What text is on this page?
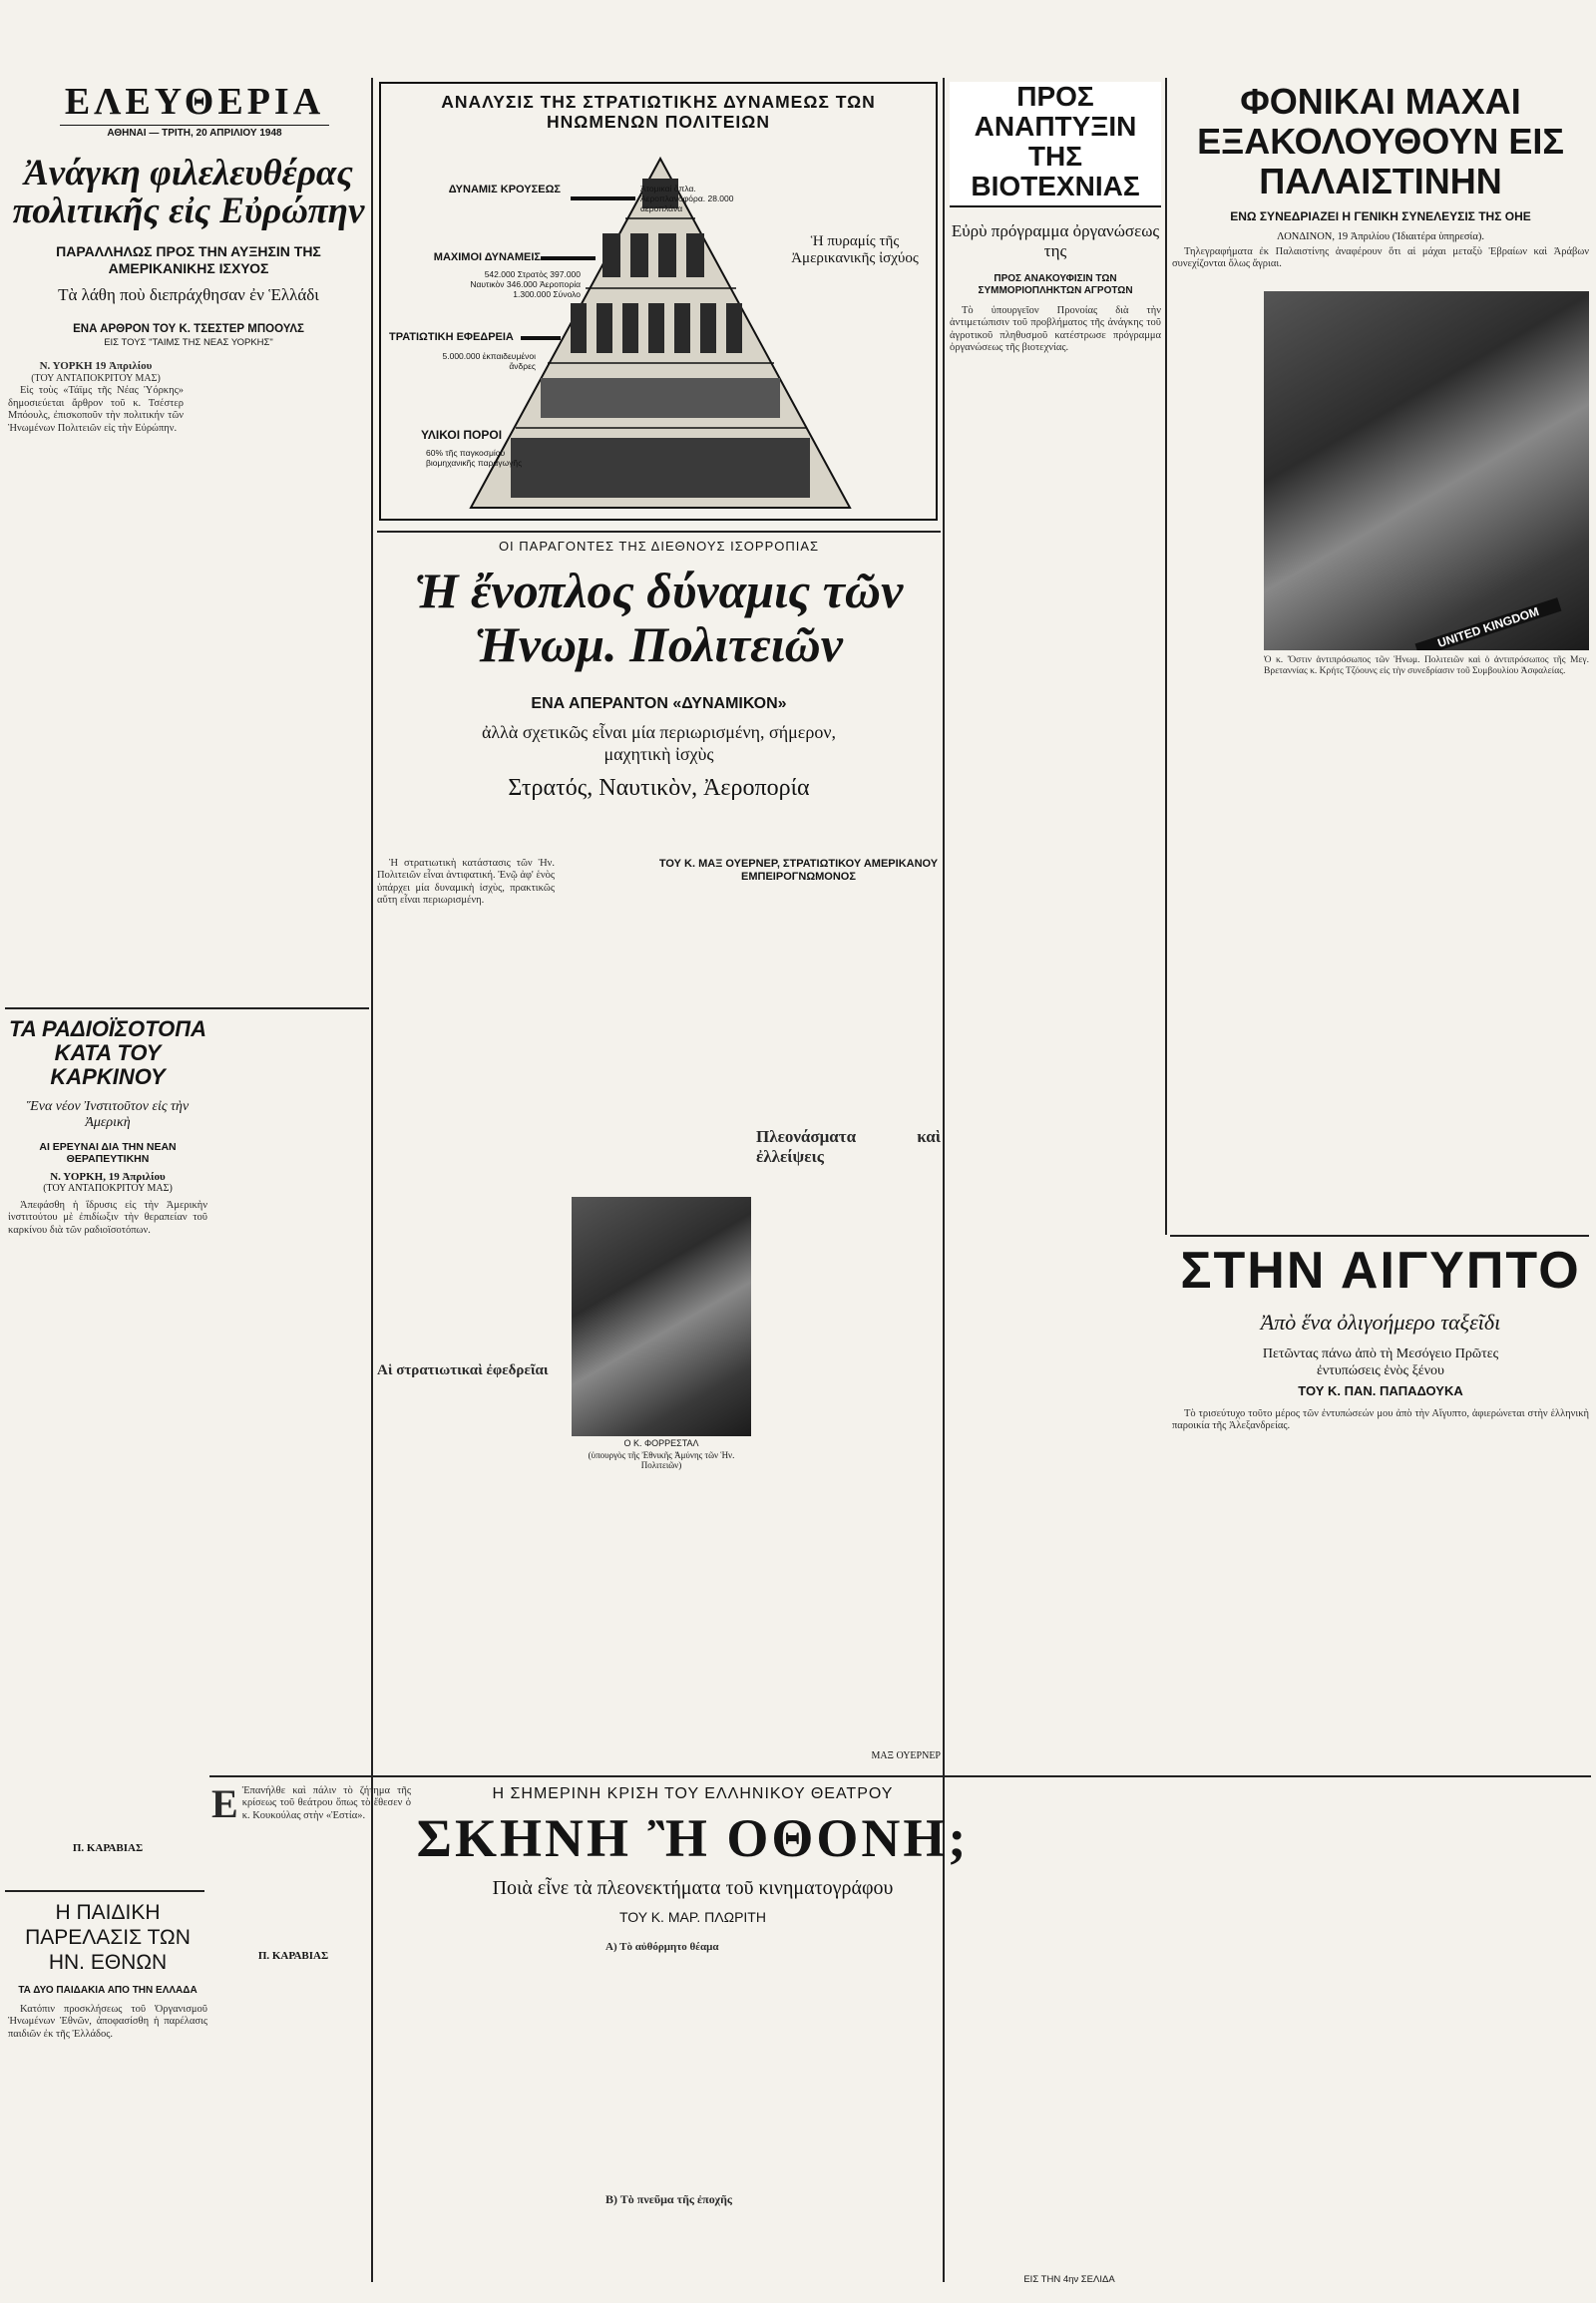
ΕΛΕΥΘΕΡΙΑ
ΑΘΗΝΑΙ — ΤΡΙΤΗ, 20 ΑΠΡΙΛΙΟΥ 1948
Ἀνάγκη φιλελευθέρας πολιτικῆς εἰς Εὐρώπην
ΠΑΡΑΛΛΗΛΩΣ ΠΡΟΣ ΤΗΝ ΑΥΞΗΣΙΝ ΤΗΣ ΑΜΕΡΙΚΑΝΙΚΗΣ ΙΣΧΥΟΣ
Τὰ λάθη ποὺ διεπράχθησαν ἐν Ἑλλάδι
ΕΝΑ ΑΡΘΡΟΝ ΤΟΥ Κ. ΤΣΕΣΤΕΡ ΜΠΟΟΥΛΣ
ΕΙΣ ΤΟΥΣ "ΤΑΙΜΣ ΤΗΣ ΝΕΑΣ ΥΟΡΚΗΣ"
Ν. ΥΟΡΚΗ 19 Ἀπριλίου
(ΤΟΥ ΑΝΤΑΠΟΚΡΙΤΟΥ ΜΑΣ)

Εἰς τοὺς «Τάϊμς τῆς Νέας Ὑόρκης» δημοσιεύεται ἄρθρον τοῦ κ. Τσέστερ Μπόουλς, ἐπισκοποῦν τὴν πολιτικήν τῶν Ἡνωμένων Πολιτειῶν εἰς τὴν Εὐρώπην.

ΤΑ ΡΑΔΙΟΪΣΟΤΟΠΑ ΚΑΤΑ ΤΟΥ ΚΑΡΚΙΝΟΥ
Ἕνα νέον Ἰνστιτοῦτον εἰς τὴν Ἀμερικὴ
ΑΙ ΕΡΕΥΝΑΙ ΔΙΑ ΤΗΝ ΝΕΑΝ ΘΕΡΑΠΕΥΤΙΚΗΝ
Ν. ΥΟΡΚΗ, 19 Ἀπριλίου
(ΤΟΥ ΑΝΤΑΠΟΚΡΙΤΟΥ ΜΑΣ)

Ἀπεφάσθη ἡ ἵδρυσις εἰς τὴν Ἀμερικὴν ἰνστιτούτου μὲ ἐπιδίωξιν τὴν θεραπείαν τοῦ καρκίνου διὰ τῶν ραδιοϊσοτόπων.

Π. ΚΑΡΑΒΙΑΣ
Π. ΚΑΡΑΒΙΑΣ
Η ΠΑΙΔΙΚΗ ΠΑΡΕΛΑΣΙΣ ΤΩΝ ΗΝ. ΕΘΝΩΝ
ΤΑ ΔΥΟ ΠΑΙΔΑΚΙΑ ΑΠΟ ΤΗΝ ΕΛΛΑΔΑ

Κατόπιν προσκλήσεως τοῦ Ὀργανισμοῦ Ἡνωμένων Ἐθνῶν, ἀποφασίσθη ἡ παρέλασις παιδιῶν ἐκ τῆς Ἑλλάδος.

ΑΝΑΛΥΣΙΣ ΤΗΣ ΣΤΡΑΤΙΩΤΙΚΗΣ ΔΥΝΑΜΕΩΣ ΤΩΝ ΗΝΩΜΕΝΩΝ ΠΟΛΙΤΕΙΩΝ
ΔΥΝΑΜΙΣ ΚΡΟΥΣΕΩΣ	Ἀτομικαί ὅπλα. Ἀεροπλανοφόρα. 28.000 ἀεροπλάνα
Ἡ πυραμίς τῆς Ἀμερικανικῆς ἰσχύος
ΜΑΧΙΜΟΙ ΔΥΝΑΜΕΙΣ
542.000 Στρατὸς 397.000 Ναυτικὸν 346.000 Ἀεροπορία 1.300.000 Σύνολο
ΤΡΑΤΙΩΤΙΚΗ ΕΦΕΔΡΕΙΑ
5.000.000 ἐκπαιδευμένοι ἄνδρες
ΥΛΙΚΟΙ ΠΟΡΟΙ
60% τῆς παγκοσμίου βιομηχανικῆς παραγωγῆς
ΟΙ ΠΑΡΑΓΟΝΤΕΣ ΤΗΣ ΔΙΕΘΝΟΥΣ ΙΣΟΡΡΟΠΙΑΣ
Ἡ ἔνοπλος δύναμις τῶν Ἡνωμ. Πολιτειῶν
ΕΝΑ ΑΠΕΡΑΝΤΟΝ «ΔΥΝΑΜΙΚΟΝ»
ἀλλὰ σχετικῶς εἶναι μία περιωρισμένη, σήμερον, μαχητικὴ ἰσχὺς
Στρατός, Ναυτικὸν, Ἀεροπορία
ΤΟΥ Κ. ΜΑΞ ΟΥΕΡΝΕΡ, ΣΤΡΑΤΙΩΤΙΚΟΥ ΑΜΕΡΙΚΑΝΟΥ ΕΜΠΕΙΡΟΓΝΩΜΟΝΟΣ

Ἡ στρατιωτικὴ κατάστασις τῶν Ἡν. Πολιτειῶν εἶναι ἀντιφατική. Ἐνῷ ἀφ' ἑνὸς ὑπάρχει μία δυναμικὴ ἰσχὺς, πρακτικῶς αὕτη εἶναι περιωρισμένη.

Αἱ στρατιωτικαὶ ἐφεδρεῖαι
Ο Κ. ΦΟΡΡΕΣΤΑΛ
(ὑπουργὸς τῆς Ἐθνικῆς Ἀμύνης τῶν Ἡν. Πολιτειῶν)
Πλεονάσματα καὶ ἐλλείψεις
ΜΑΞ ΟΥΕΡΝΕΡ
ΠΡΟΣ ΑΝΑΠΤΥΞΙΝ ΤΗΣ ΒΙΟΤΕΧΝΙΑΣ
Εὐρὺ πρόγραμμα ὀργανώσεως της
ΠΡΟΣ ΑΝΑΚΟΥΦΙΣΙΝ ΤΩΝ ΣΥΜΜΟΡΙΟΠΛΗΚΤΩΝ ΑΓΡΟΤΩΝ

Τὸ ὑπουργεῖον Προνοίας διὰ τὴν ἀντιμετώπισιν τοῦ προβλήματος τῆς ἀνάγκης τοῦ ἀγροτικοῦ πληθυσμοῦ κατέστρωσε πρόγραμμα ὀργανώσεως τῆς βιοτεχνίας.

ΦΟΝΙΚΑΙ ΜΑΧΑΙ ΕΞΑΚΟΛΟΥΘΟΥΝ ΕΙΣ ΠΑΛΑΙΣΤΙΝΗΝ
ΕΝΩ ΣΥΝΕΔΡΙΑΖΕΙ Η ΓΕΝΙΚΗ ΣΥΝΕΛΕΥΣΙΣ ΤΗΣ ΟΗΕ
ΛΟΝΔΙΝΟΝ, 19 Ἀπριλίου (Ἰδιαιτέρα ὑπηρεσία).

Τηλεγραφήματα ἐκ Παλαιστίνης ἀναφέρουν ὅτι αἱ μάχαι μεταξὺ Ἑβραίων καὶ Ἀράβων συνεχίζονται ὅλως ἄγριαι.

UNITED KINGDOM
Ὁ κ. Ὄστιν ἀντιπρόσωπος τῶν Ἡνωμ. Πολιτειῶν καὶ ὁ ἀντιπρόσωπος τῆς Μεγ. Βρεταννίας κ. Κρήτς Τζόουνς εἰς τὴν συνεδρίασιν τοῦ Συμβουλίου Ἀσφαλείας.
ΣΤΗΝ ΑΙΓΥΠΤΟ
Ἀπὸ ἕνα ὀλιγοήμερο ταξεῖδι
Πετῶντας πάνω ἀπὸ τὴ Μεσόγειο Πρῶτες ἐντυπώσεις ἑνὸς ξένου
ΤΟΥ Κ. ΠΑΝ. ΠΑΠΑΔΟΥΚΑ

Τὸ τρισεύτυχο τοῦτο μέρος τῶν ἐντυπώσεών μου ἀπὸ τὴν Αἴγυπτο, ἀφιερώνεται στὴν ἑλληνικὴ παροικία τῆς Ἀλεξανδρείας.

Ε Ἐπανήλθε καὶ πάλιν τὸ ζήτημα τῆς κρίσεως τοῦ θεάτρου ὅπως τὸ ἔθεσεν ὁ κ. Κουκούλας στὴν «Ἑστία».

Η ΣΗΜΕΡΙΝΗ ΚΡΙΣΗ ΤΟΥ ΕΛΛΗΝΙΚΟΥ ΘΕΑΤΡΟΥ
ΣΚΗΝΗ Ἢ ΟΘΟΝΗ;
Ποιὰ εἶνε τὰ πλεονεκτήματα τοῦ κινηματογράφου
ΤΟΥ Κ. ΜΑΡ. ΠΛΩΡΙΤΗ
Α) Τὸ αὐθόρμητο θέαμα
Β) Τὸ πνεῦμα τῆς ἐποχῆς
ΕΙΣ ΤΗΝ 4ην ΣΕΛΙΔΑ
